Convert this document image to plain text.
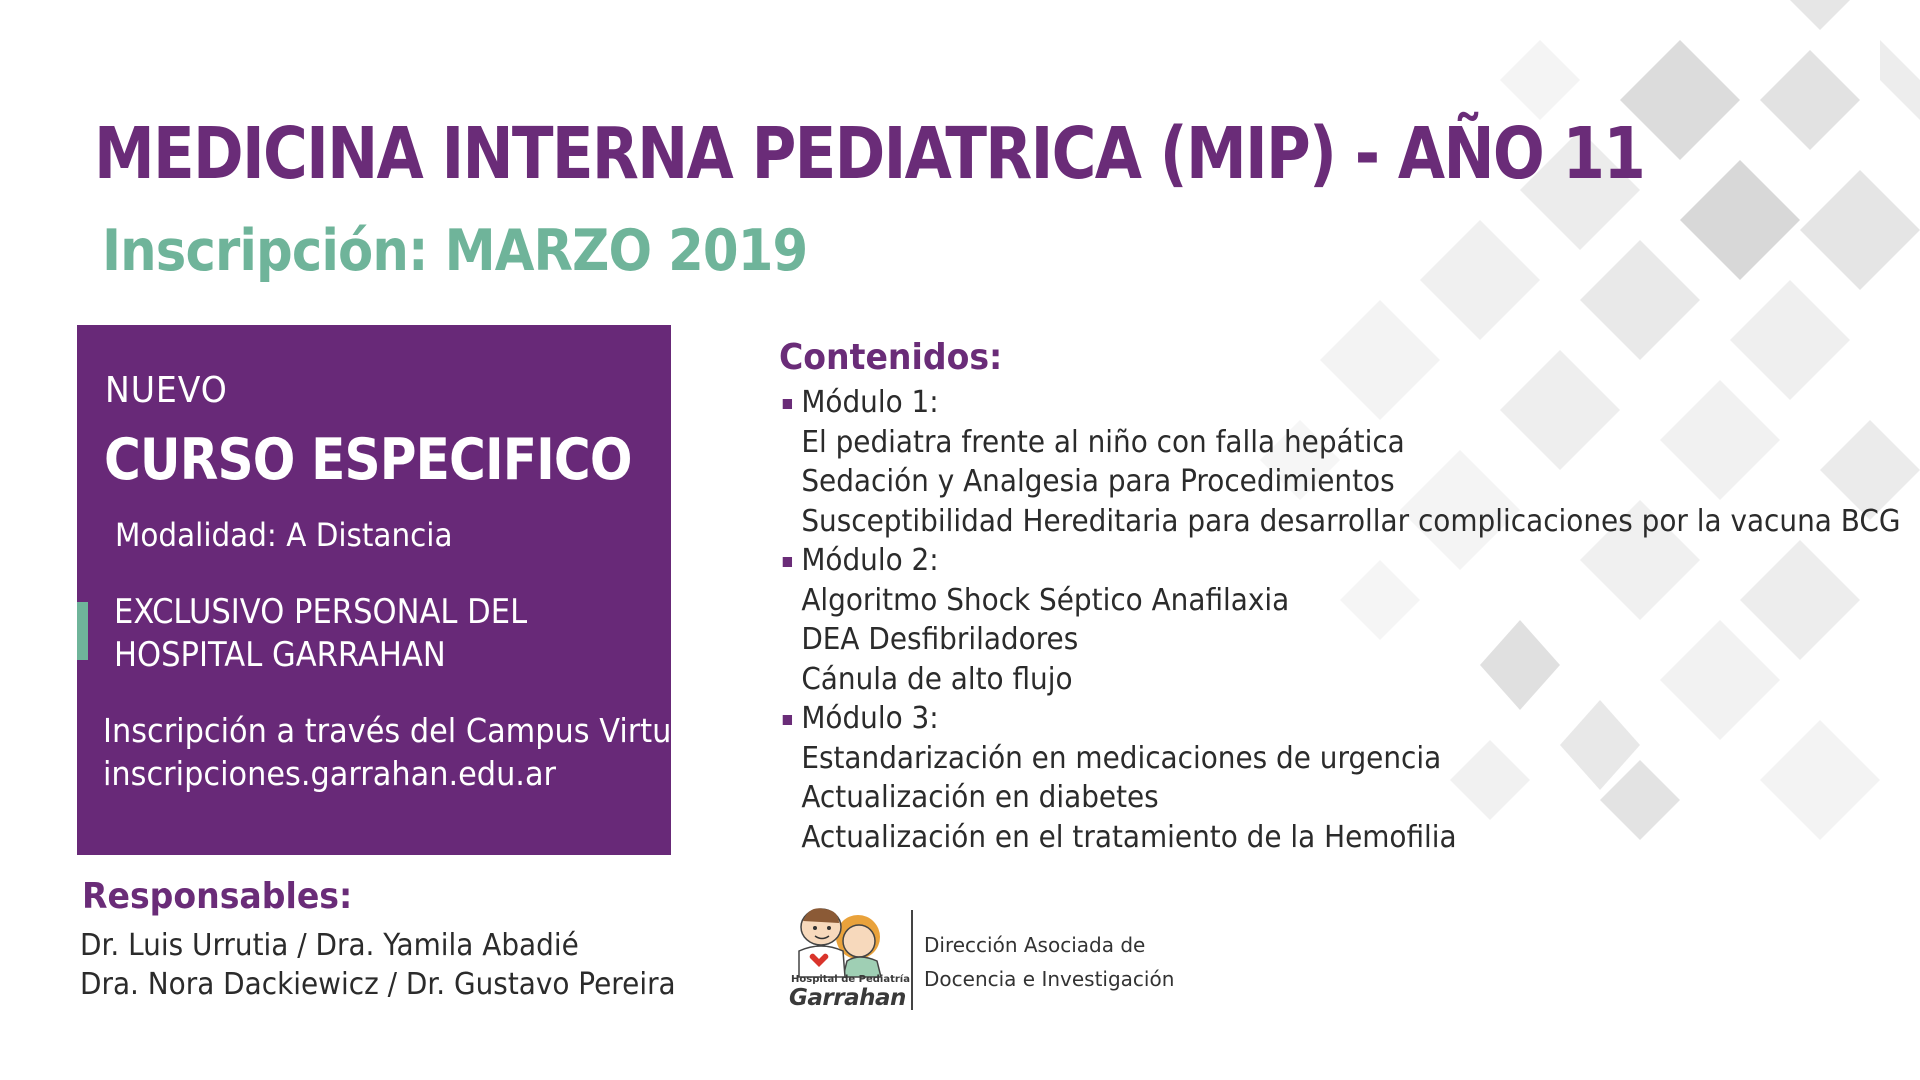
MEDICINA INTERNA PEDIATRICA (MIP) - AÑO 11
Inscripción: MARZO 2019
NUEVO
CURSO ESPECIFICO
Modalidad: A Distancia
EXCLUSIVO PERSONAL DEL
HOSPITAL GARRAHAN
Inscripción a través del Campus Virtual
inscripciones.garrahan.edu.ar
Responsables:
Dr. Luis Urrutia / Dra. Yamila Abadié
Dra. Nora Dackiewicz / Dr. Gustavo Pereira
Contenidos:
Módulo 1:
El pediatra frente al niño con falla hepática
Sedación y Analgesia para Procedimientos
Susceptibilidad Hereditaria para desarrollar complicaciones por la vacuna BCG
Módulo 2:
Algoritmo Shock Séptico Anafilaxia
DEA Desfibriladores
Cánula de alto flujo
Módulo 3:
Estandarización en medicaciones de urgencia
Actualización en diabetes
Actualización en el tratamiento de la Hemofilia
Hospital de Pediatría
Garrahan
Dirección Asociada de
Docencia e Investigación
